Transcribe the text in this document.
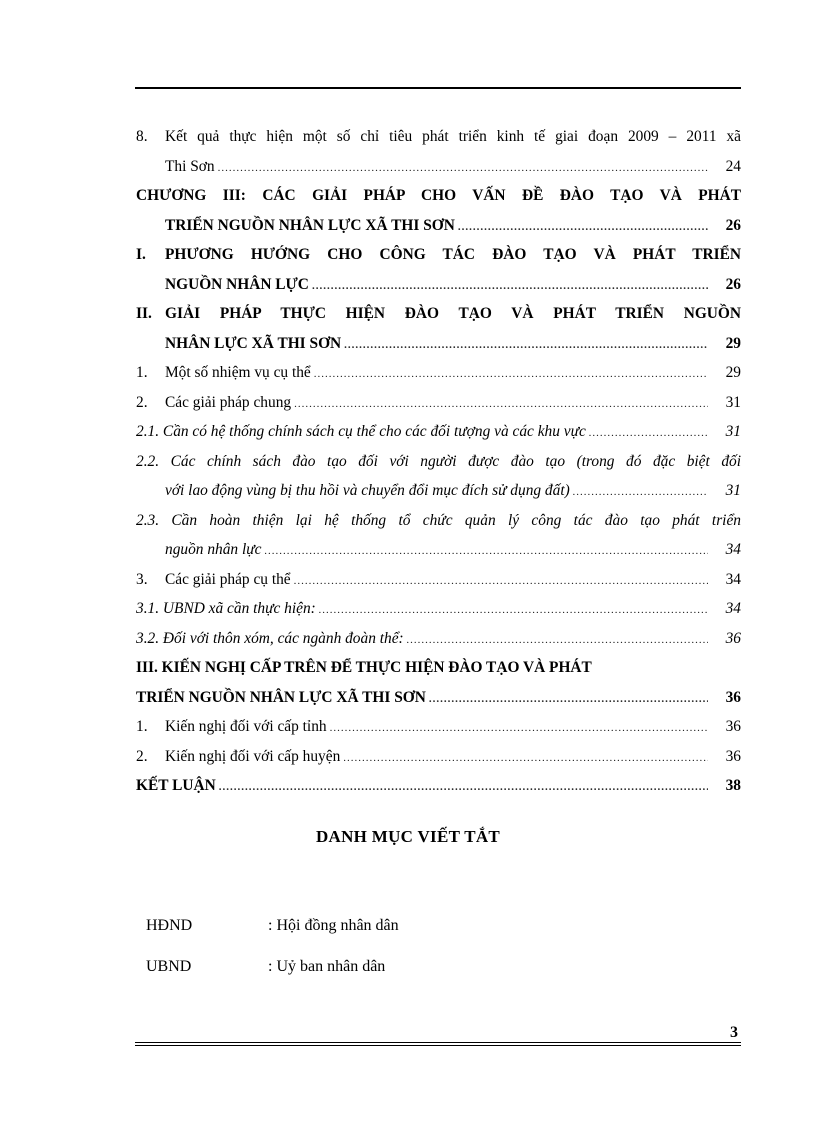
8.	Kết quả thực hiện một số chỉ tiêu phát triển kinh tế giai đoạn 2009 – 2011 xã
Thi Sơn .....	24
CHƯƠNG III: CÁC GIẢI PHÁP CHO VẤN ĐỀ ĐÀO TẠO VÀ PHÁT
TRIỂN NGUỒN NHÂN LỰC XÃ THI SƠN .....	26
I.	PHƯƠNG HƯỚNG CHO CÔNG TÁC ĐÀO TẠO VÀ PHÁT TRIỂN
NGUỒN NHÂN LỰC .....	26
II. GIẢI PHÁP THỰC HIỆN ĐÀO TẠO VÀ PHÁT TRIỂN NGUỒN
NHÂN LỰC XÃ THI SƠN .....	29
1.	Một số nhiệm vụ cụ thể .....	29
2.	Các giải pháp chung .....	31
2.1. Cần có hệ thống chính sách cụ thể cho các đối tượng và các khu vực .....	31
2.2. Các chính sách đào tạo đối với người được đào tạo (trong đó đặc biệt đối
với lao động vùng bị thu hồi và chuyển đổi mục đích sử dụng đất) .....	31
2.3. Cần hoàn thiện lại hệ thống tổ chức quản lý công tác đào tạo phát triển
nguồn nhân lực .....	34
3.	Các giải pháp cụ thể .....	34
3.1. UBND xã cần thực hiện: .....	34
3.2. Đối với thôn xóm, các ngành đoàn thể: .....	36
III. KIẾN NGHỊ CẤP TRÊN ĐỂ THỰC HIỆN ĐÀO TẠO VÀ PHÁT
TRIỂN NGUỒN NHÂN LỰC XÃ THI SƠN .....	36
1.	Kiến nghị đối với cấp tỉnh .....	36
2.	Kiến nghị đối với cấp huyện .....	36
KẾT LUẬN .....	38
DANH MỤC VIẾT TẮT
HĐND	: Hội đồng nhân dân
UBND	: Uỷ ban nhân dân
3
